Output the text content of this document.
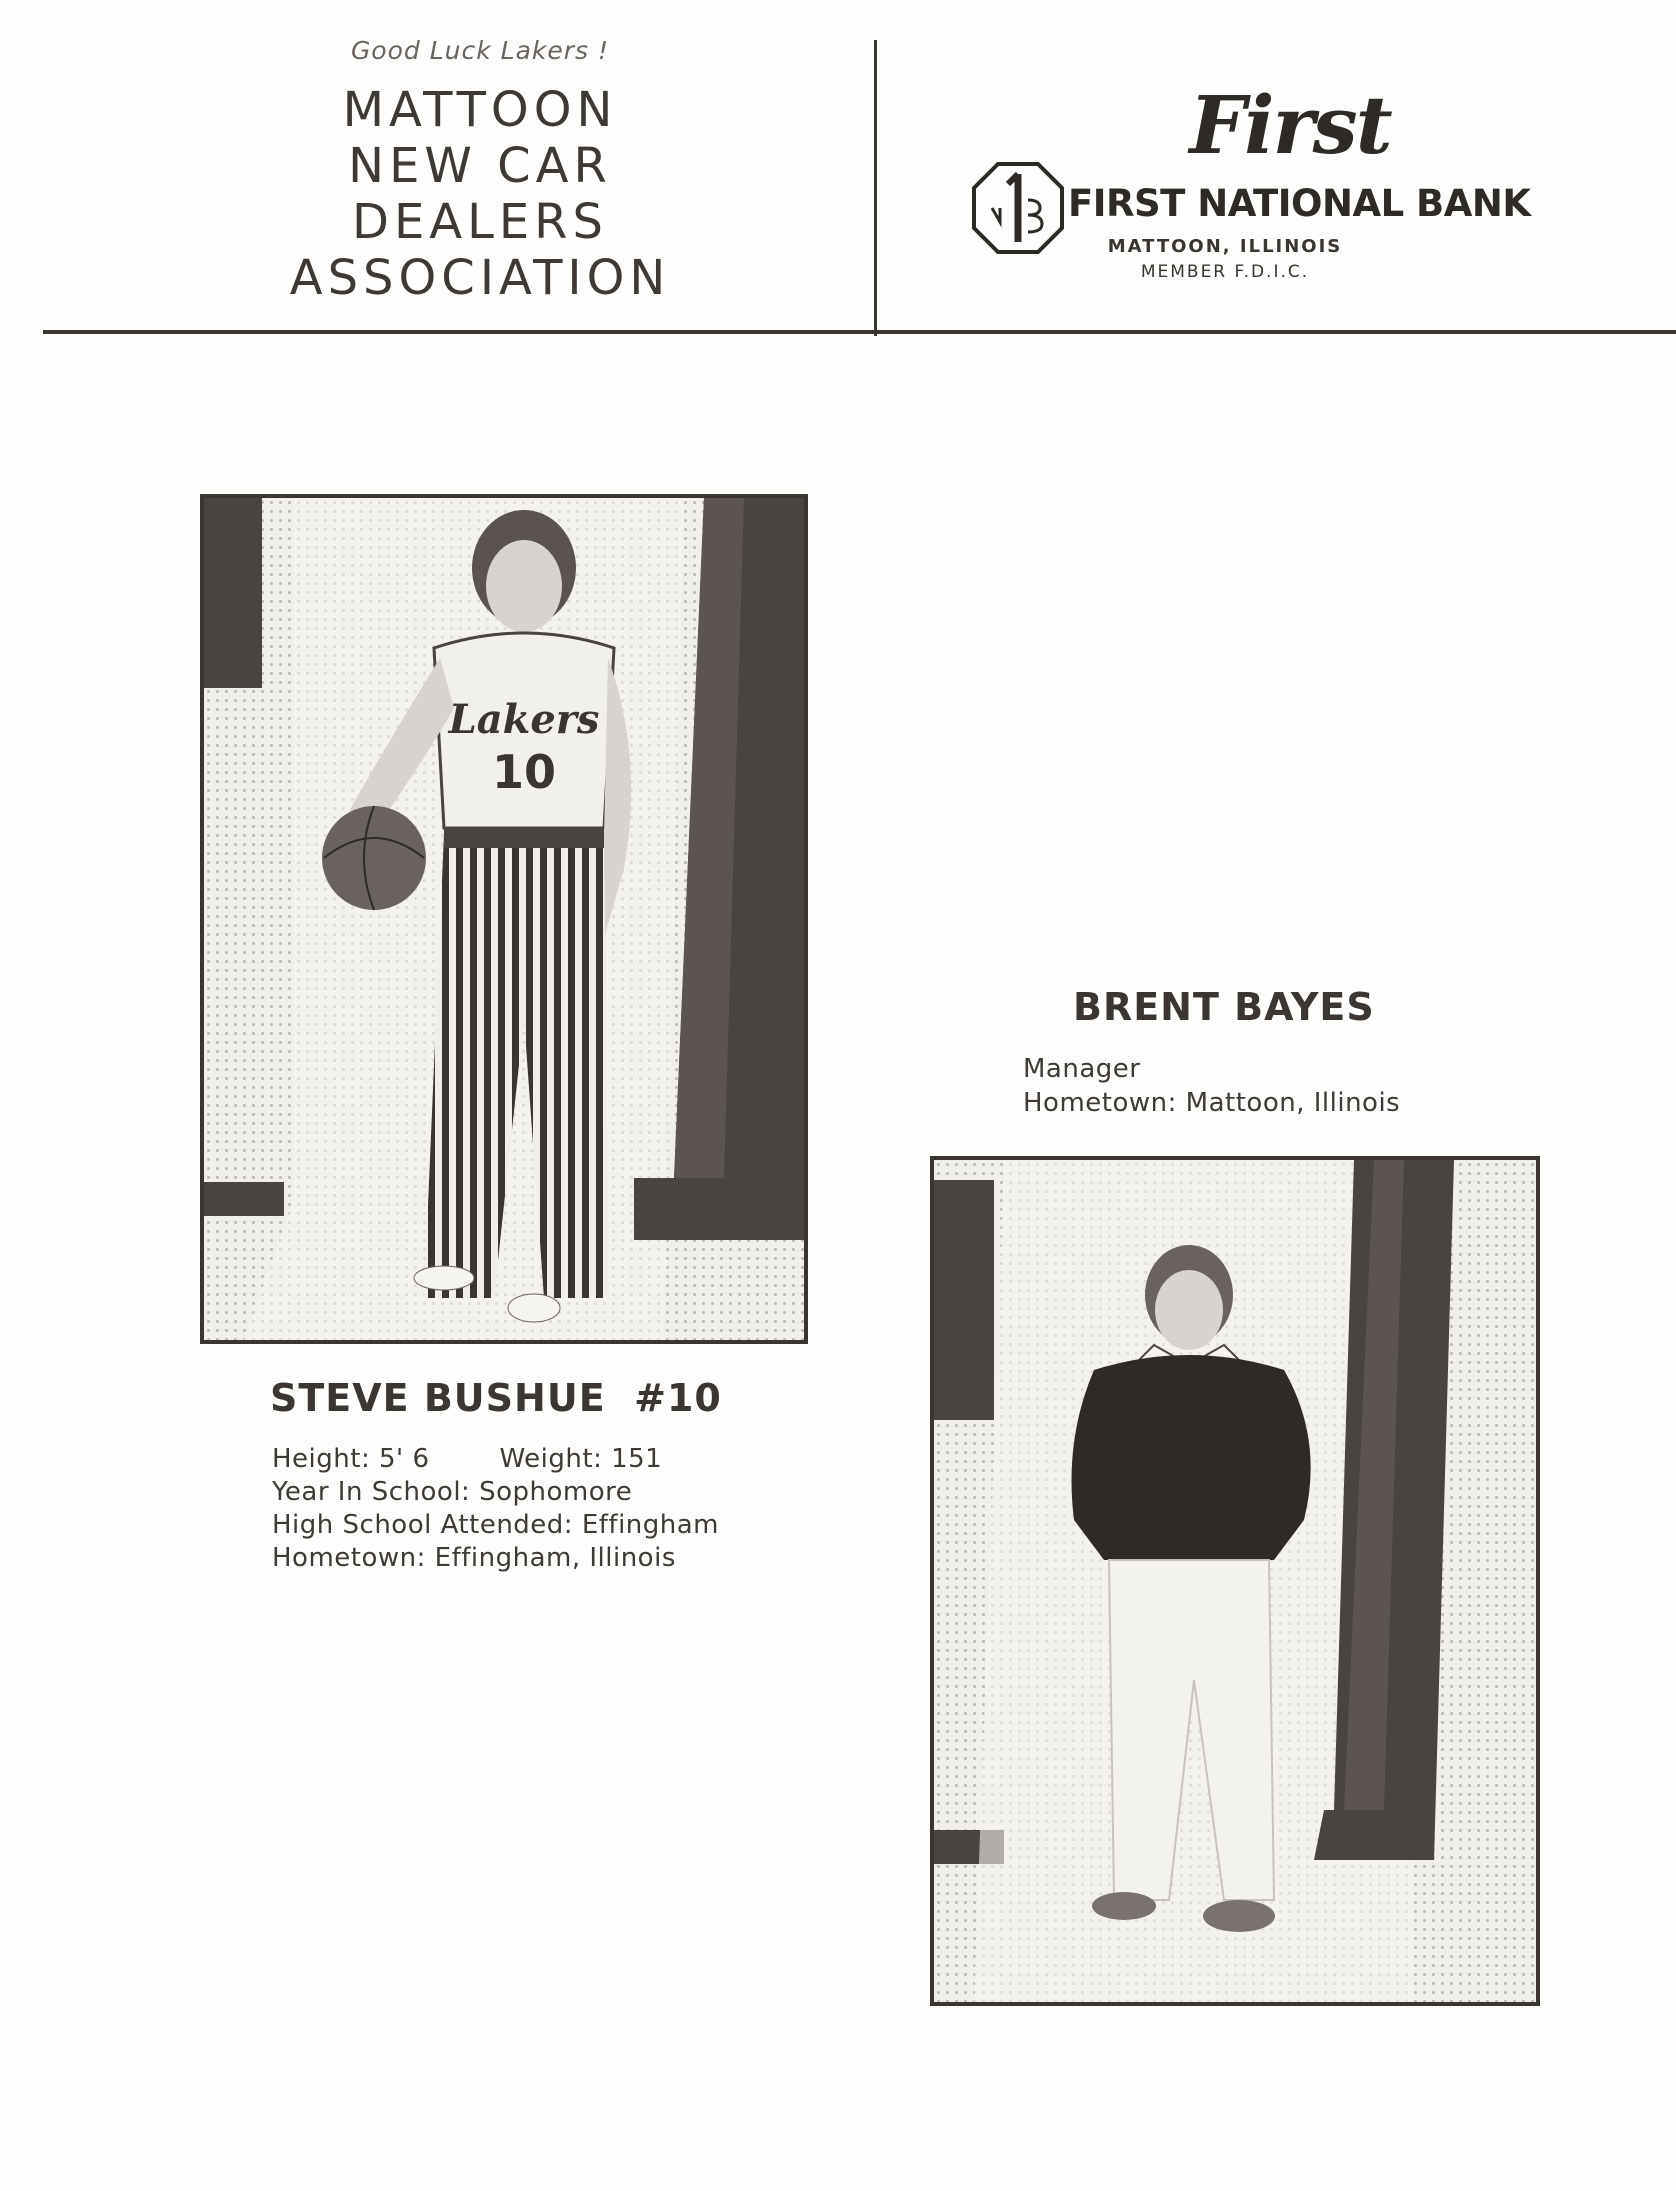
Good Luck Lakers !
MATTOON
NEW CAR
DEALERS
ASSOCIATION
First
FIRST NATIONAL BANK
MATTOON, ILLINOIS
MEMBER F.D.I.C.
Lakers
10
STEVE BUSHUE #10
Height: 5' 6	Weight: 151
Year In School: Sophomore
High School Attended: Effingham
Hometown: Effingham, Illinois
BRENT BAYES
Manager
Hometown: Mattoon, Illinois
